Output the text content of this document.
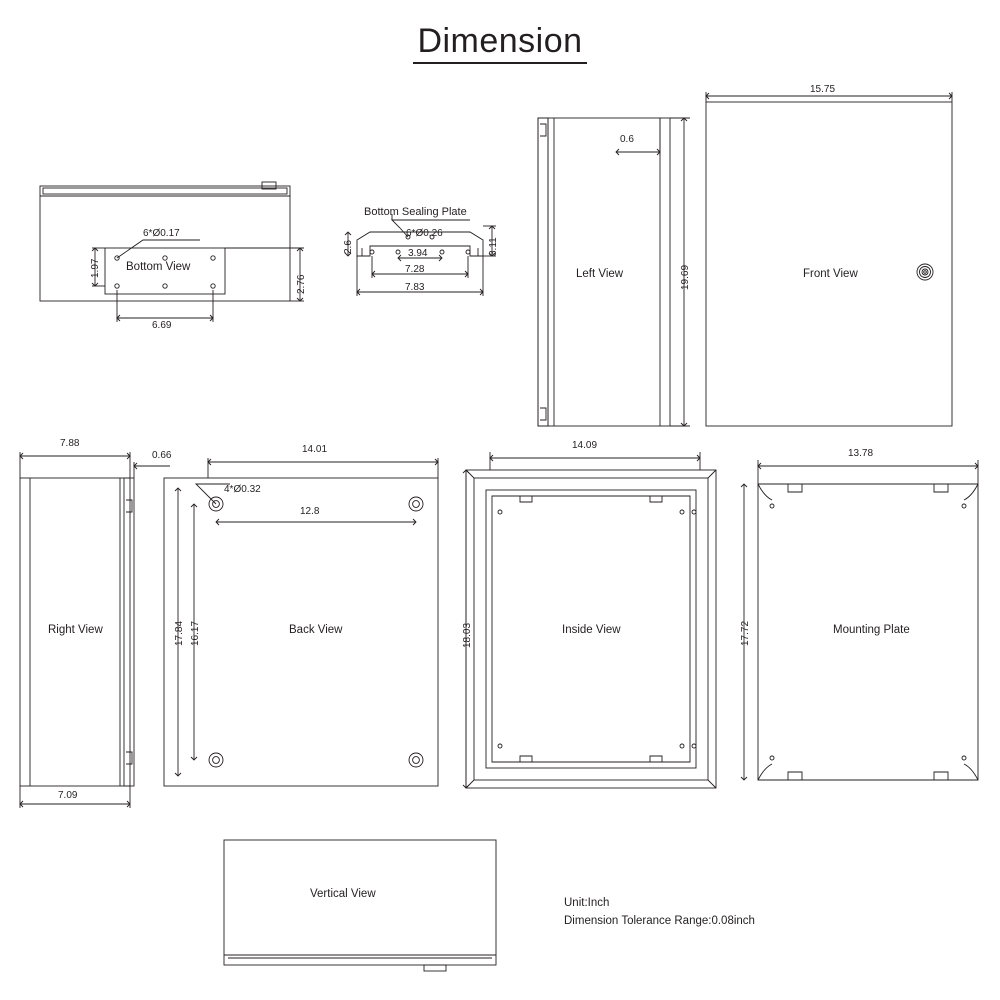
Dimension
Bottom View
6*Ø0.17
1.97
6.69
2.76
Bottom Sealing Plate
6*Ø0.26
2.6	3.94	3.11
7.28
7.83
Left View
0.6
19.69	Front View
15.75
Right View
7.88
0.66
7.09
Back View
14.01
4*Ø0.32
12.8
17.84 16.17	Inside View
14.09
18.03	Mounting Plate
13.78
17.72
Vertical View
Unit:Inch
Dimension Tolerance Range:0.08inch
